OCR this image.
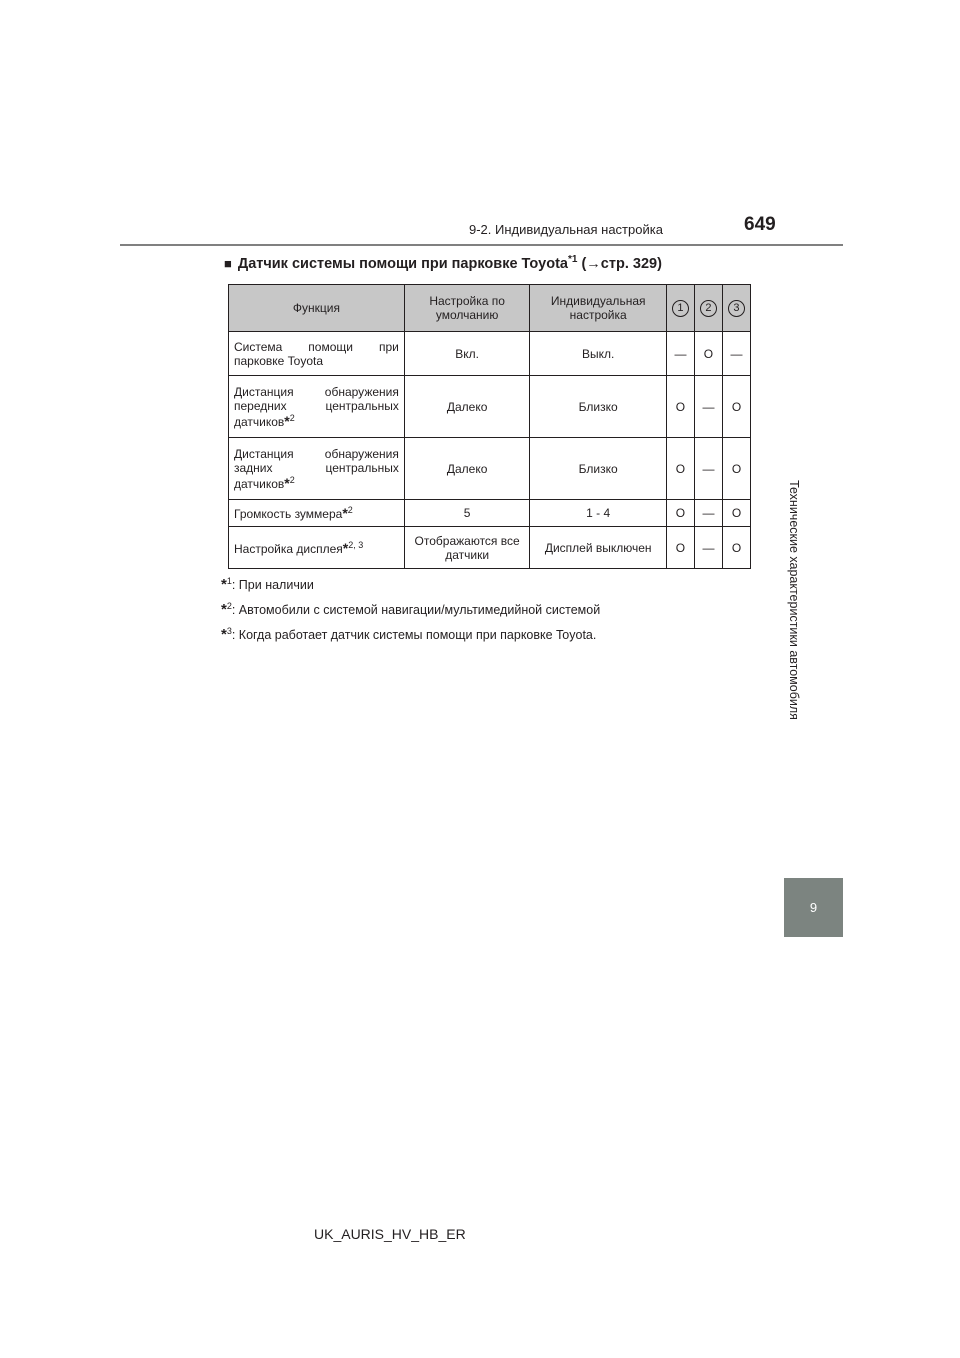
9-2. Индивидуальная настройка	649
Технические характеристики автомобиля
9
■ Датчик системы помощи при парковке Toyota$^{*1}$ (→стр. 329)
Функция	Настройка по умолчанию	Индивидуальная настройка	1	2	3
Система помощи при парковке Toyota	Вкл.	Выкл.	—	O	—
Дистанция обнаружения передних центральных датчиков*$^2$	Далеко	Близко	O	—	O
Дистанция обнаружения задних центральных датчиков*$^2$	Далеко	Близко	O	—	O
Громкость зуммера*$^2$	5	1 - 4	O	—	O
Настройка дисплея*$^{2, 3}$	Отображаются все датчики	Дисплей выключен	O	—	O
*$^1$: При наличии
*$^2$: Автомобили с системой навигации/мультимедийной системой
*$^3$: Когда работает датчик системы помощи при парковке Toyota.
UK_AURIS_HV_HB_ER
